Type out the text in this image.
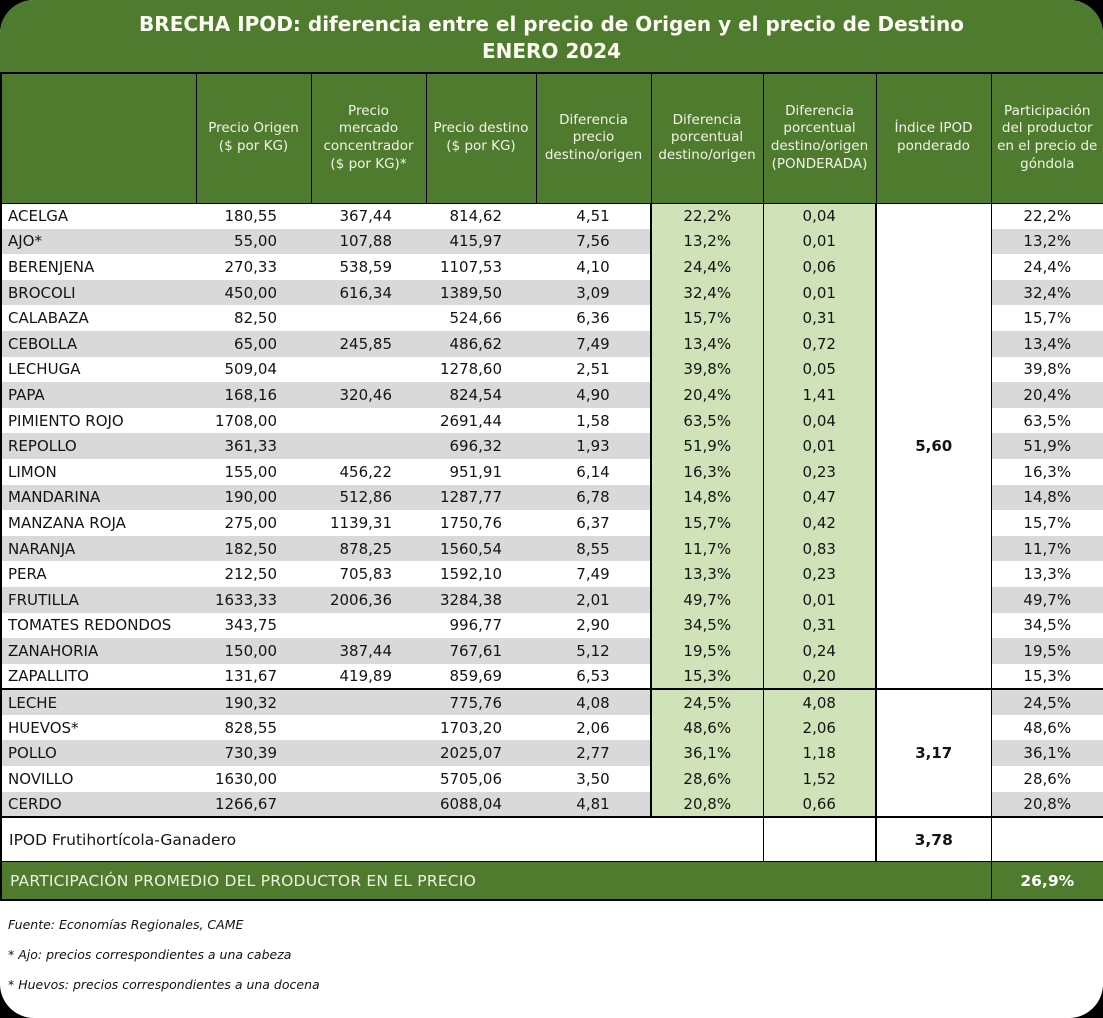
BRECHA IPOD: diferencia entre el precio de Origen y el precio de Destino
ENERO 2024
	Precio Origen ($ por KG)	Precio mercado concentrador ($ por KG)*	Precio destino ($ por KG)	Diferencia precio destino/origen	Diferencia porcentual destino/origen	Diferencia porcentual destino/origen (PONDERADA)	Índice IPOD ponderado	Participación del productor en el precio de góndola
ACELGA	180,55	367,44	814,62	4,51	22,2%	0,04		22,2%
AJO*	55,00	107,88	415,97	7,56	13,2%	0,01		13,2%
BERENJENA	270,33	538,59	1107,53	4,10	24,4%	0,06		24,4%
BROCOLI	450,00	616,34	1389,50	3,09	32,4%	0,01		32,4%
CALABAZA	82,50		524,66	6,36	15,7%	0,31		15,7%
CEBOLLA	65,00	245,85	486,62	7,49	13,4%	0,72		13,4%
LECHUGA	509,04		1278,60	2,51	39,8%	0,05		39,8%
PAPA	168,16	320,46	824,54	4,90	20,4%	1,41		20,4%
PIMIENTO ROJO	1708,00		2691,44	1,58	63,5%	0,04		63,5%
REPOLLO	361,33		696,32	1,93	51,9%	0,01	5,60	51,9%
LIMON	155,00	456,22	951,91	6,14	16,3%	0,23		16,3%
MANDARINA	190,00	512,86	1287,77	6,78	14,8%	0,47		14,8%
MANZANA ROJA	275,00	1139,31	1750,76	6,37	15,7%	0,42		15,7%
NARANJA	182,50	878,25	1560,54	8,55	11,7%	0,83		11,7%
PERA	212,50	705,83	1592,10	7,49	13,3%	0,23		13,3%
FRUTILLA	1633,33	2006,36	3284,38	2,01	49,7%	0,01		49,7%
TOMATES REDONDOS	343,75		996,77	2,90	34,5%	0,31		34,5%
ZANAHORIA	150,00	387,44	767,61	5,12	19,5%	0,24		19,5%
ZAPALLITO	131,67	419,89	859,69	6,53	15,3%	0,20		15,3%
LECHE	190,32		775,76	4,08	24,5%	4,08		24,5%
HUEVOS*	828,55		1703,20	2,06	48,6%	2,06		48,6%
POLLO	730,39		2025,07	2,77	36,1%	1,18	3,17	36,1%
NOVILLO	1630,00		5705,06	3,50	28,6%	1,52		28,6%
CERDO	1266,67		6088,04	4,81	20,8%	0,66		20,8%
IPOD Frutihortícola-Ganadero							3,78	
PARTICIPACIÓN PROMEDIO DEL PRODUCTOR EN EL PRECIO								26,9%

Fuente: Economías Regionales, CAME

* Ajo: precios correspondientes a una cabeza

* Huevos: precios correspondientes a una docena
